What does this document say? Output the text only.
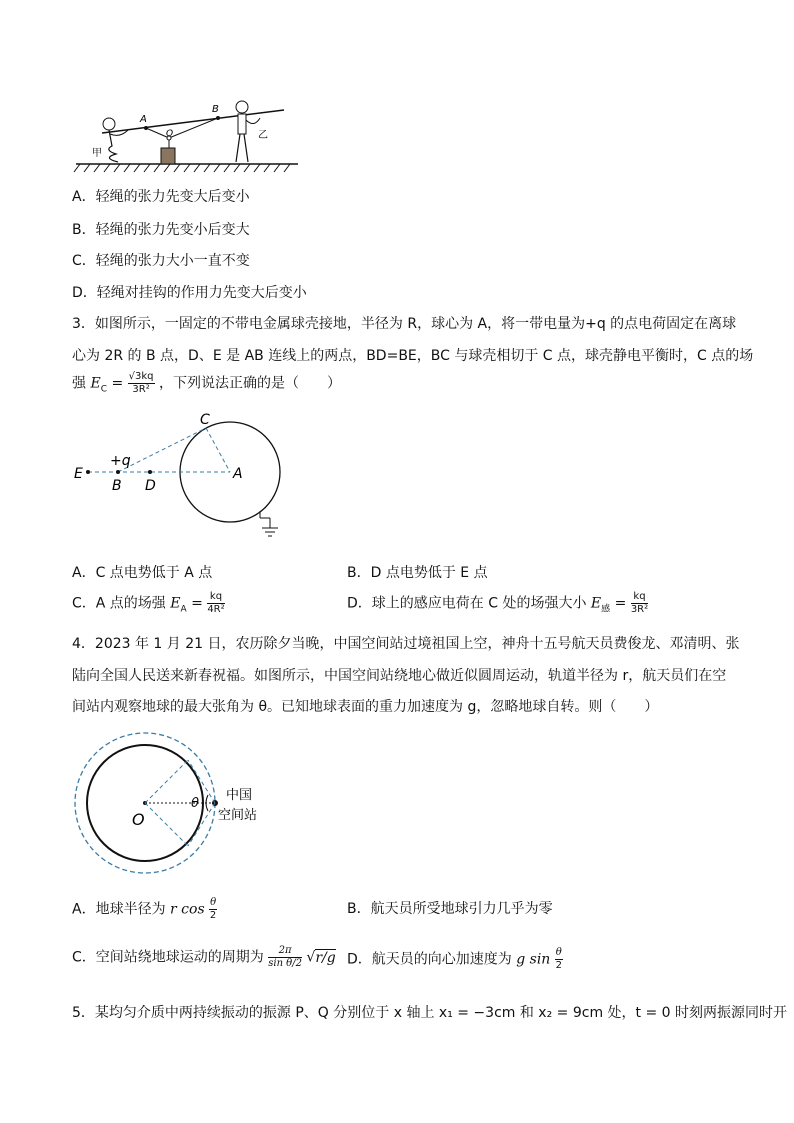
A
B
O
甲
乙
A．轻绳的张力先变大后变小
B．轻绳的张力先变小后变大
C．轻绳的张力大小一直不变
D．轻绳对挂钩的作用力先变大后变小
3．如图所示，一固定的不带电金属球壳接地，半径为 R，球心为 A，将一带电量为+q 的点电荷固定在离球
心为 2R 的 B 点，D、E 是 AB 连线上的两点，BD=BE，BC 与球壳相切于 C 点，球壳静电平衡时，C 点的场
强 $E_C = \frac{√3kq}{\text{3R²}}$ ，下列说法正确的是（　　）
C
A
E
B D
+q
A．C 点电势低于 A 点	B．D 点电势低于 E 点
C．A 点的场强 $E_A = \frac{kq}{\text{4R²}}$	D．球上的感应电荷在 C 处的场强大小 $E_感 = \frac{kq}{\text{3R²}}$
4．2023 年 1 月 21 日，农历除夕当晚，中国空间站过境祖国上空，神舟十五号航天员费俊龙、邓清明、张
陆向全国人民送来新春祝福。如图所示，中国空间站绕地心做近似圆周运动，轨道半径为 r，航天员们在空
间站内观察地球的最大张角为 θ。已知地球表面的重力加速度为 g，忽略地球自转。则（　　）
O
θ
中国
空间站
A．地球半径为 r $\cos \frac{\theta}{2}$	B．航天员所受地球引力几乎为零
C．空间站绕地球运动的周期为 $\frac{2\pi}{\text{sin θ/2}} √r/g$ D．航天员的向心加速度为 g $\sin \frac{\theta}{2}$
5．某均匀介质中两持续振动的振源 P、Q 分别位于 x 轴上 x₁ = −3cm 和 x₂ = 9cm 处，t = 0 时刻两振源同时开
